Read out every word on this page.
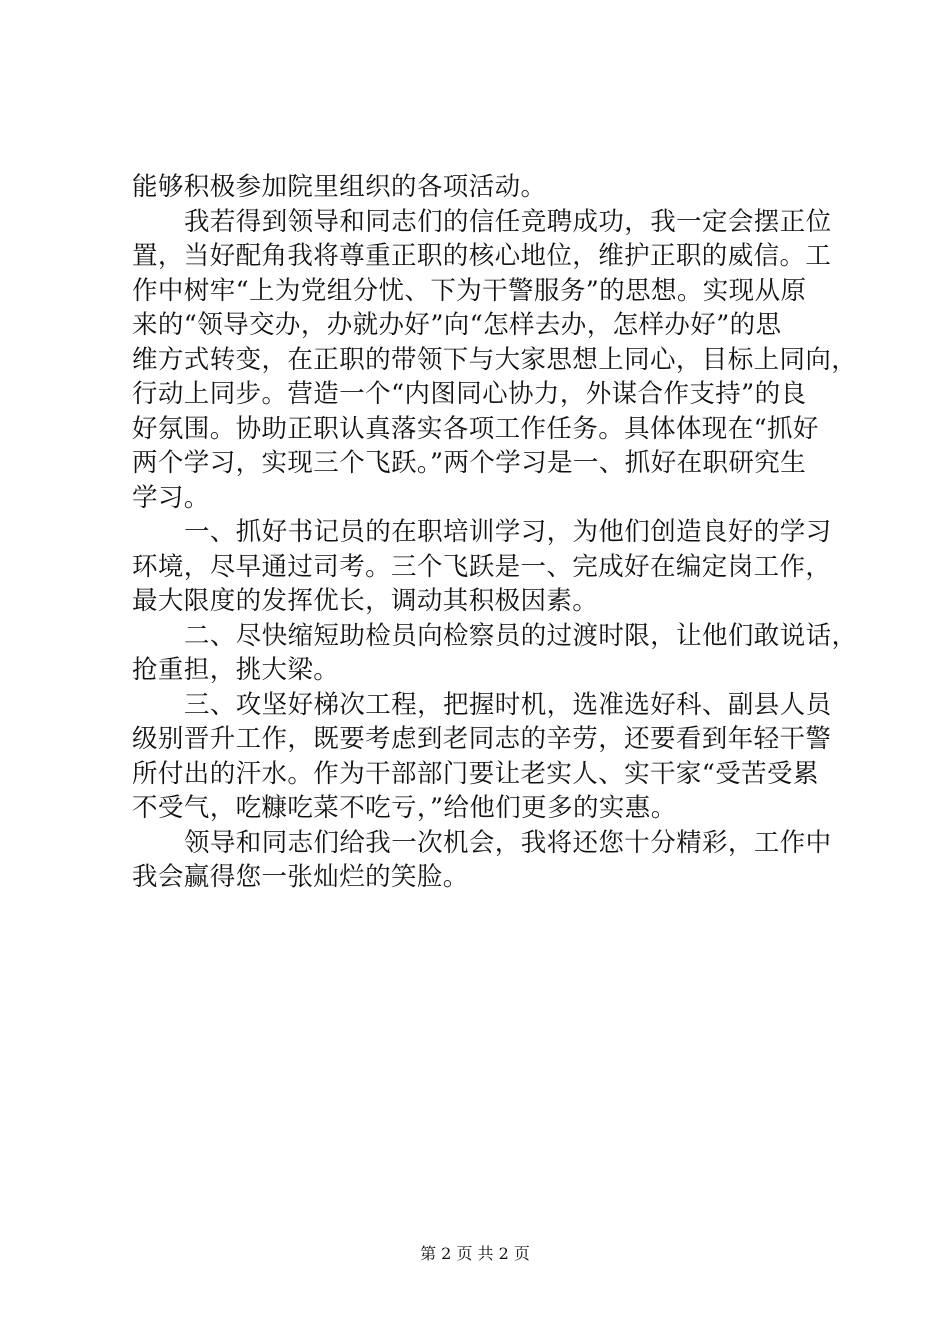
能够积极参加院里组织的各项活动。
我若得到领导和同志们的信任竞聘成功，我一定会摆正位
置，当好配角我将尊重正职的核心地位，维护正职的威信。工
作中树牢“上为党组分忧、下为干警服务”的思想。实现从原
来的“领导交办，办就办好”向“怎样去办，怎样办好”的思
维方式转变，在正职的带领下与大家思想上同心，目标上同向，
行动上同步。营造一个“内图同心协力，外谋合作支持”的良
好氛围。协助正职认真落实各项工作任务。具体体现在“抓好
两个学习，实现三个飞跃。”两个学习是一、抓好在职研究生
学习。
一、抓好书记员的在职培训学习，为他们创造良好的学习
环境，尽早通过司考。三个飞跃是一、完成好在编定岗工作，
最大限度的发挥优长，调动其积极因素。
二、尽快缩短助检员向检察员的过渡时限，让他们敢说话，
抢重担，挑大梁。
三、攻坚好梯次工程，把握时机，选准选好科、副县人员
级别晋升工作，既要考虑到老同志的辛劳，还要看到年轻干警
所付出的汗水。作为干部部门要让老实人、实干家“受苦受累
不受气，吃糠吃菜不吃亏，”给他们更多的实惠。
领导和同志们给我一次机会，我将还您十分精彩，工作中
我会赢得您一张灿烂的笑脸。
第 2 页 共 2 页
